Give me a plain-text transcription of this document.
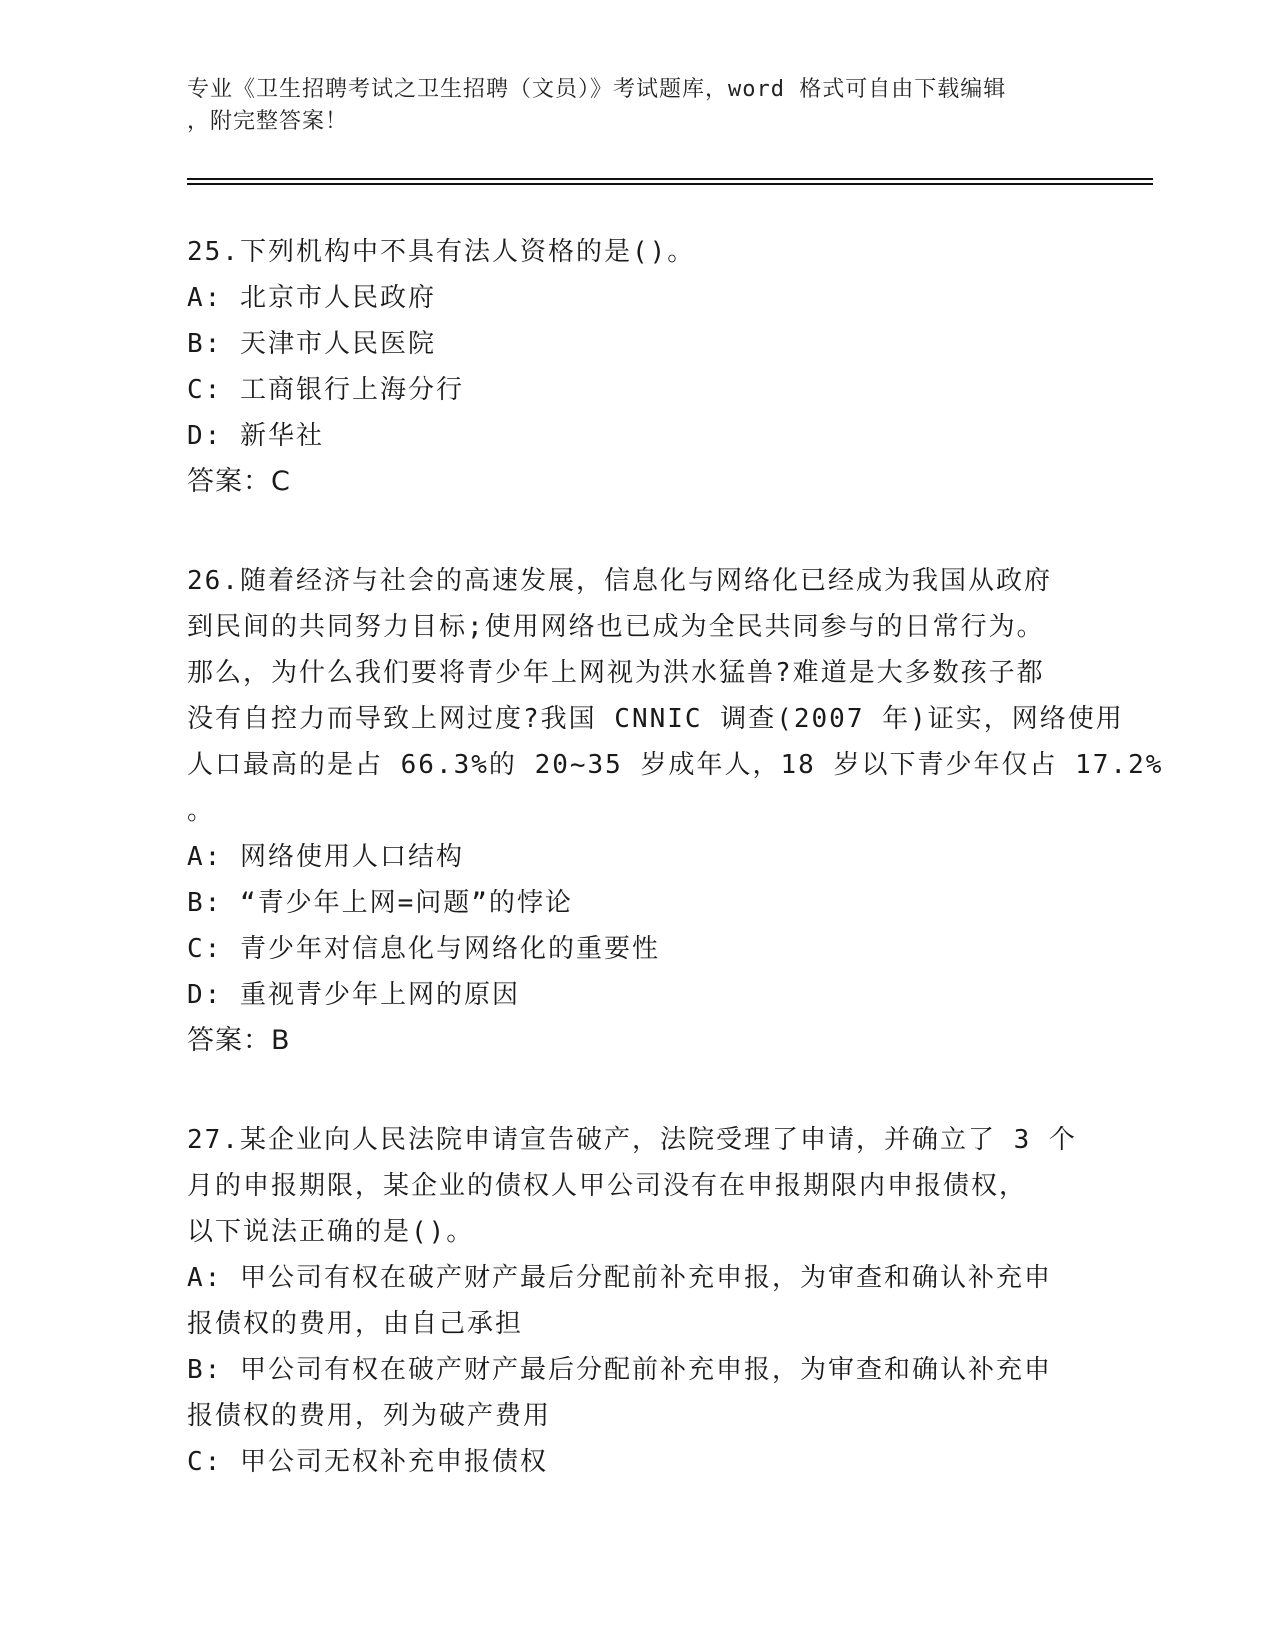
专业《卫生招聘考试之卫生招聘（文员）》考试题库，word 格式可自由下载编辑
，附完整答案！
25.下列机构中不具有法人资格的是()。
A: 北京市人民政府
B: 天津市人民医院
C: 工商银行上海分行
D: 新华社
答案：C
26.随着经济与社会的高速发展，信息化与网络化已经成为我国从政府
到民间的共同努力目标;使用网络也已成为全民共同参与的日常行为。
那么，为什么我们要将青少年上网视为洪水猛兽?难道是大多数孩子都
没有自控力而导致上网过度?我国 CNNIC 调查(2007 年)证实，网络使用
人口最高的是占 66.3%的 20~35 岁成年人，18 岁以下青少年仅占 17.2%
。
A: 网络使用人口结构
B: “青少年上网=问题”的悖论
C: 青少年对信息化与网络化的重要性
D: 重视青少年上网的原因
答案：B
27.某企业向人民法院申请宣告破产，法院受理了申请，并确立了 3 个
月的申报期限，某企业的债权人甲公司没有在申报期限内申报债权，
以下说法正确的是()。
A: 甲公司有权在破产财产最后分配前补充申报，为审查和确认补充申
报债权的费用，由自己承担
B: 甲公司有权在破产财产最后分配前补充申报，为审查和确认补充申
报债权的费用，列为破产费用
C: 甲公司无权补充申报债权
